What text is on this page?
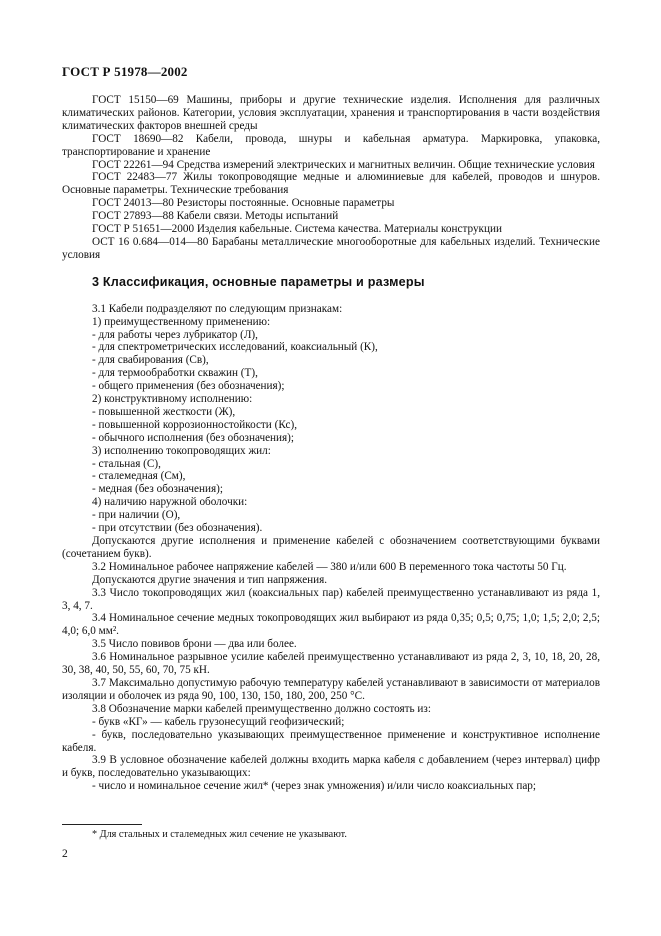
ГОСТ Р 51978—2002

ГОСТ 15150—69 Машины, приборы и другие технические изделия. Исполнения для различных климатических районов. Категории, условия эксплуатации, хранения и транспортирования в части воздействия климатических факторов внешней среды

ГОСТ 18690—82 Кабели, провода, шнуры и кабельная арматура. Маркировка, упаковка, транспортирование и хранение

ГОСТ 22261—94 Средства измерений электрических и магнитных величин. Общие технические условия

ГОСТ 22483—77 Жилы токопроводящие медные и алюминиевые для кабелей, проводов и шнуров. Основные параметры. Технические требования

ГОСТ 24013—80 Резисторы постоянные. Основные параметры

ГОСТ 27893—88 Кабели связи. Методы испытаний

ГОСТ Р 51651—2000 Изделия кабельные. Система качества. Материалы конструкции

ОСТ 16 0.684—014—80 Барабаны металлические многооборотные для кабельных изделий. Технические условия

3 Классификация, основные параметры и размеры

3.1 Кабели подразделяют по следующим признакам:

1) преимущественному применению:

- для работы через лубрикатор (Л),

- для спектрометрических исследований, коаксиальный (К),

- для свабирования (Св),

- для термообработки скважин (Т),

- общего применения (без обозначения);

2) конструктивному исполнению:

- повышенной жесткости (Ж),

- повышенной коррозионностойкости (Кс),

- обычного исполнения (без обозначения);

3) исполнению токопроводящих жил:

- стальная (С),

- сталемедная (См),

- медная (без обозначения);

4) наличию наружной оболочки:

- при наличии (О),

- при отсутствии (без обозначения).

Допускаются другие исполнения и применение кабелей с обозначением соответствующими буквами (сочетанием букв).

3.2 Номинальное рабочее напряжение кабелей — 380 и/или 600 В переменного тока частоты 50 Гц.

Допускаются другие значения и тип напряжения.

3.3 Число токопроводящих жил (коаксиальных пар) кабелей преимущественно устанавливают из ряда 1, 3, 4, 7.

3.4 Номинальное сечение медных токопроводящих жил выбирают из ряда 0,35; 0,5; 0,75; 1,0; 1,5; 2,0; 2,5; 4,0; 6,0 мм².

3.5 Число повивов брони — два или более.

3.6 Номинальное разрывное усилие кабелей преимущественно устанавливают из ряда 2, 3, 10, 18, 20, 28, 30, 38, 40, 50, 55, 60, 70, 75 кН.

3.7 Максимально допустимую рабочую температуру кабелей устанавливают в зависимости от материалов изоляции и оболочек из ряда 90, 100, 130, 150, 180, 200, 250 °С.

3.8 Обозначение марки кабелей преимущественно должно состоять из:

- букв «КГ» — кабель грузонесущий геофизический;

- букв, последовательно указывающих преимущественное применение и конструктивное исполнение кабеля.

3.9 В условное обозначение кабелей должны входить марка кабеля с добавлением (через интервал) цифр и букв, последовательно указывающих:

- число и номинальное сечение жил* (через знак умножения) и/или число коаксиальных пар;

* Для стальных и сталемедных жил сечение не указывают.
2
